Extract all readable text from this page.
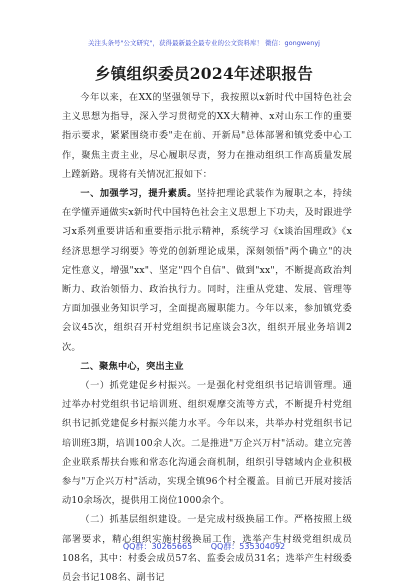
关注头条号"公文研究"，获得最新最全最专业的公文资料库！ 微信：gongwenyj
乡镇组织委员2024年述职报告

今年以来，在XX的坚强领导下，我按照以x新时代中国特色社会主义思想为指导，深入学习贯彻党的XX大精神、x对山东工作的重要指示要求，紧紧围绕市委"走在前、开新局"总体部署和镇党委中心工作，聚焦主责主业，尽心履职尽责，努力在推动组织工作高质量发展上蹚新路。现将有关情况汇报如下：

一、加强学习，提升素质。坚持把理论武装作为履职之本，持续在学懂弄通做实x新时代中国特色社会主义思想上下功夫，及时跟进学习x系列重要讲话和重要指示批示精神，系统学习《x谈治国理政》《x经济思想学习纲要》等党的创新理论成果，深刻领悟"两个确立"的决定性意义，增强"xx"、坚定"四个自信"、做到"xx"，不断提高政治判断力、政治领悟力、政治执行力。同时，注重从党建、发展、管理等方面加强业务知识学习，全面提高履职能力。今年以来，参加镇党委会议45次，组织召开村党组织书记座谈会3次，组织开展业务培训2次。

二、聚焦中心，突出主业

（一）抓党建促乡村振兴。一是强化村党组织书记培训管理。通过举办村党组织书记培训班、组织观摩交流等方式，不断提升村党组织书记抓党建促乡村振兴能力水平。今年以来，共举办村党组织书记培训班3期，培训100余人次。二是推进"万企兴万村"活动。建立完善企业联系帮扶台账和常态化沟通会商机制，组织引导辖域内企业积极参与"万企兴万村"活动，实现全镇96个村全覆盖。目前已开展对接活动10余场次，提供用工岗位1000余个。

（二）抓基层组织建设。一是完成村级换届工作。严格按照上级部署要求，精心组织实施村级换届工作，选举产生村级党组织成员108名，其中：村委会成员57名、监委会成员31名；选举产生村级委员会书记108名、副书记

QQ群：30265665 QQ群：535304092
